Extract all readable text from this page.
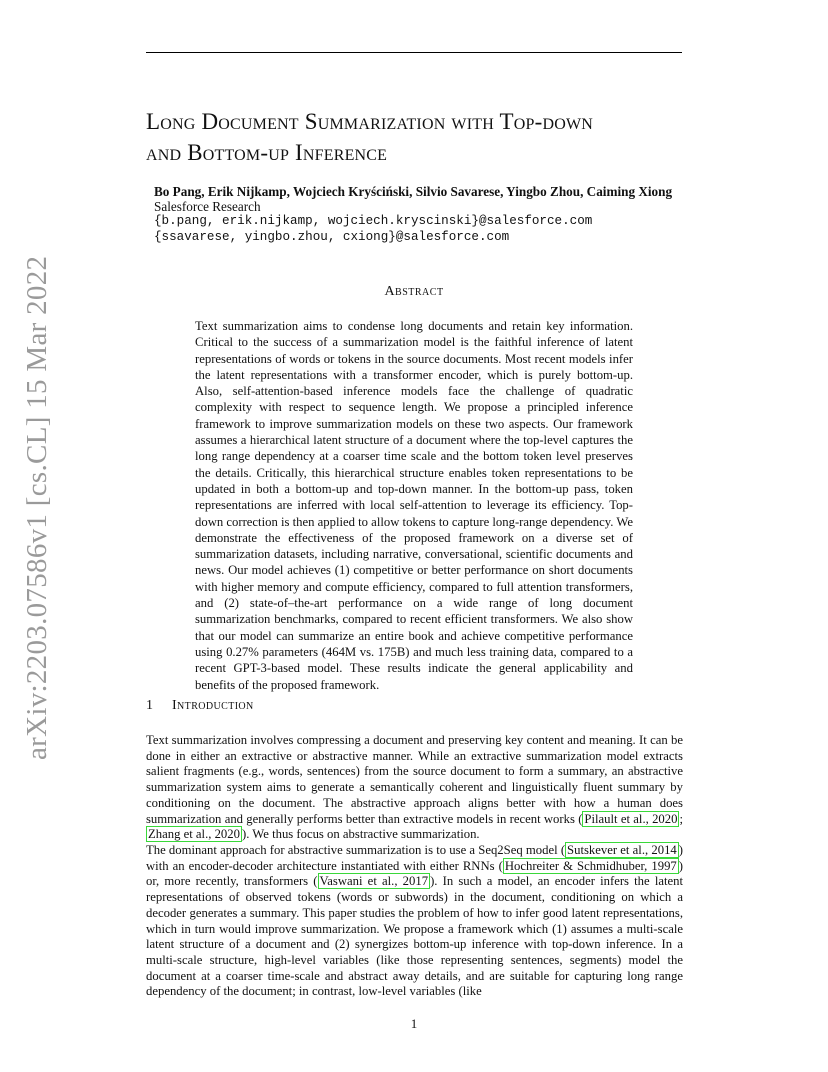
arXiv:2203.07586v1 [cs.CL] 15 Mar 2022
Long Document Summarization with Top-down
and Bottom-up Inference
Bo Pang, Erik Nijkamp, Wojciech Kryściński, Silvio Savarese, Yingbo Zhou, Caiming Xiong
Salesforce Research
{b.pang, erik.nijkamp, wojciech.kryscinski}@salesforce.com
{ssavarese, yingbo.zhou, cxiong}@salesforce.com
Abstract
Text summarization aims to condense long documents and retain key information. Critical to the success of a summarization model is the faithful inference of latent representations of words or tokens in the source documents. Most recent models infer the latent representations with a transformer encoder, which is purely bottom-up. Also, self-attention-based inference models face the challenge of quadratic complexity with respect to sequence length. We propose a principled inference framework to improve summarization models on these two aspects. Our framework assumes a hierarchical latent structure of a document where the top-level captures the long range dependency at a coarser time scale and the bottom token level preserves the details. Critically, this hierarchical structure enables token representations to be updated in both a bottom-up and top-down manner. In the bottom-up pass, token representations are inferred with local self-attention to leverage its efficiency. Top-down correction is then applied to allow tokens to capture long-range dependency. We demonstrate the effectiveness of the proposed framework on a diverse set of summarization datasets, including narrative, conversational, scientific documents and news. Our model achieves (1) competitive or better performance on short documents with higher memory and compute efficiency, compared to full attention transformers, and (2) state-of–the-art performance on a wide range of long document summarization benchmarks, compared to recent efficient transformers. We also show that our model can summarize an entire book and achieve competitive performance using 0.27% parameters (464M vs. 175B) and much less training data, compared to a recent GPT-3-based model. These results indicate the general applicability and benefits of the proposed framework.
1 Introduction

Text summarization involves compressing a document and preserving key content and meaning. It can be done in either an extractive or abstractive manner. While an extractive summarization model extracts salient fragments (e.g., words, sentences) from the source document to form a summary, an abstractive summarization system aims to generate a semantically coherent and linguistically fluent summary by conditioning on the document. The abstractive approach aligns better with how a human does summarization and generally performs better than extractive models in recent works ( Pilault et al., 2020 ; Zhang et al., 2020 ). We thus focus on abstractive summarization.

The dominant approach for abstractive summarization is to use a Seq2Seq model ( Sutskever et al., 2014 ) with an encoder-decoder architecture instantiated with either RNNs ( Hochreiter & Schmidhuber, 1997 ) or, more recently, transformers ( Vaswani et al., 2017 ). In such a model, an encoder infers the latent representations of observed tokens (words or subwords) in the document, conditioning on which a decoder generates a summary. This paper studies the problem of how to infer good latent representations, which in turn would improve summarization. We propose a framework which (1) assumes a multi-scale latent structure of a document and (2) synergizes bottom-up inference with top-down inference. In a multi-scale structure, high-level variables (like those representing sentences, segments) model the document at a coarser time-scale and abstract away details, and are suitable for capturing long range dependency of the document; in contrast, low-level variables (like

1
